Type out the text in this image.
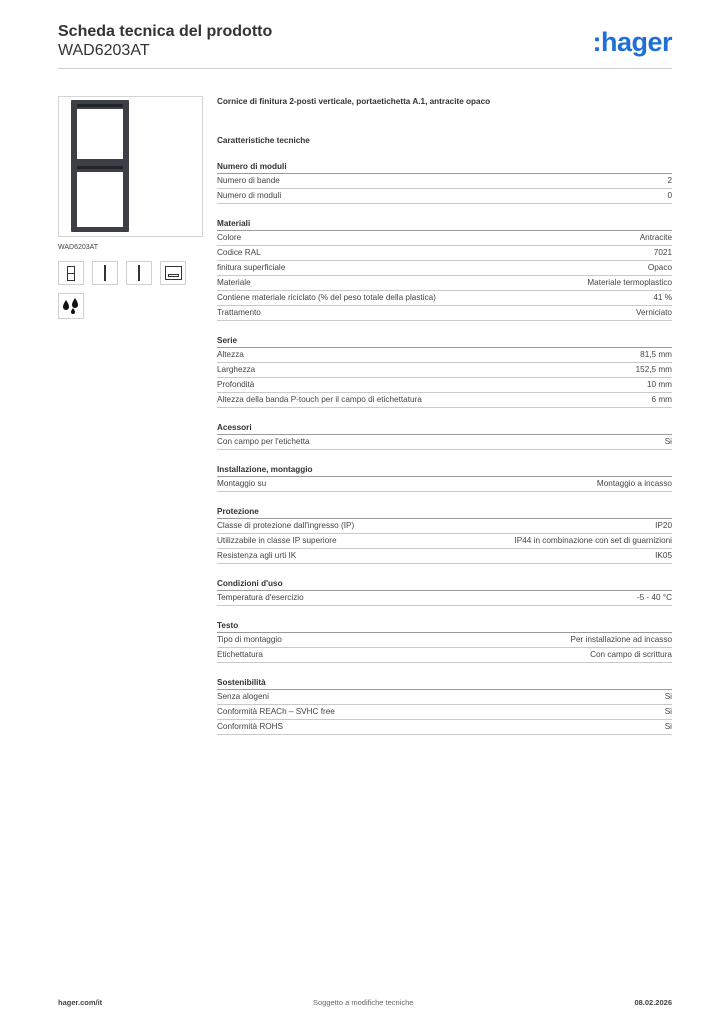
Scheda tecnica del prodotto
WAD6203AT	:hager
WAD6203AT
Cornice di finitura 2-posti verticale, portaetichetta A.1, antracite opaco
Caratteristiche tecniche
Numero di moduli
Numero di bande	2
Numero di moduli	0
Materiali
Colore	Antracite
Codice RAL	7021
finitura superficiale	Opaco
Materiale	Materiale termoplastico
Contiene materiale riciclato (% del peso totale della plastica)	41 %
Trattamento	Verniciato
Serie
Altezza	81,5 mm
Larghezza	152,5 mm
Profondità	10 mm
Altezza della banda P-touch per il campo di etichettatura	6 mm
Acessori
Con campo per l'etichetta	Si
Installazione, montaggio
Montaggio su	Montaggio a incasso
Protezione
Classe di protezione dall'ingresso (IP)	IP20
Utilizzabile in classe IP superiore	IP44 in combinazione con set di guarnizioni
Resistenza agli urti IK	IK05
Condizioni d'uso
Temperatura d'esercizio	-5 - 40 °C
Testo
Tipo di montaggio	Per installazione ad incasso
Etichettatura	Con campo di scrittura
Sostenibilità
Senza alogeni	Si
Conformità REACh – SVHC free	Si
Conformità ROHS	Si
hager.com/it	Soggetto a modifiche tecniche	08.02.2026
